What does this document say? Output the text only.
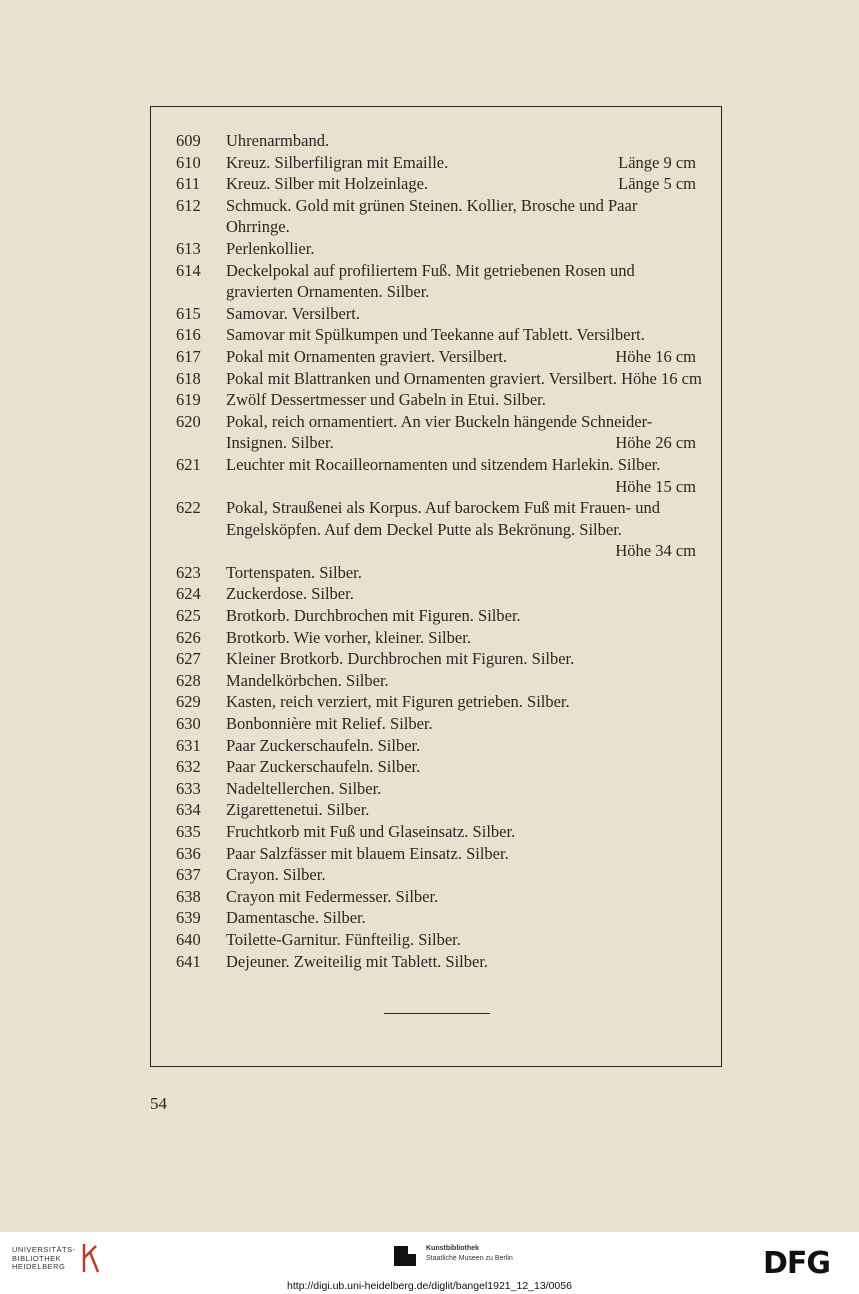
609	Uhrenarmband.
610	Kreuz. Silberfiligran mit Emaille.	Länge 9 cm
611	Kreuz. Silber mit Holzeinlage.	Länge 5 cm
612	Schmuck. Gold mit grünen Steinen. Kollier, Brosche und Paar
Ohrringe.
613	Perlenkollier.
614	Deckelpokal auf profiliertem Fuß. Mit getriebenen Rosen und
gravierten Ornamenten. Silber.
615	Samovar. Versilbert.
616	Samovar mit Spülkumpen und Teekanne auf Tablett. Versilbert.
617	Pokal mit Ornamenten graviert. Versilbert.	Höhe 16 cm
618	Pokal mit Blattranken und Ornamenten graviert. Versilbert. Höhe 16 cm
619	Zwölf Dessertmesser und Gabeln in Etui. Silber.
620	Pokal, reich ornamentiert. An vier Buckeln hängende Schneider-
Insignen. Silber.	Höhe 26 cm
621	Leuchter mit Rocailleornamenten und sitzendem Harlekin. Silber.
Höhe 15 cm
622	Pokal, Straußenei als Korpus. Auf barockem Fuß mit Frauen- und
Engelsköpfen. Auf dem Deckel Putte als Bekrönung. Silber.
Höhe 34 cm
623	Tortenspaten. Silber.
624	Zuckerdose. Silber.
625	Brotkorb. Durchbrochen mit Figuren. Silber.
626	Brotkorb. Wie vorher, kleiner. Silber.
627	Kleiner Brotkorb. Durchbrochen mit Figuren. Silber.
628	Mandelkörbchen. Silber.
629	Kasten, reich verziert, mit Figuren getrieben. Silber.
630	Bonbonnière mit Relief. Silber.
631	Paar Zuckerschaufeln. Silber.
632	Paar Zuckerschaufeln. Silber.
633	Nadeltellerchen. Silber.
634	Zigarettenetui. Silber.
635	Fruchtkorb mit Fuß und Glaseinsatz. Silber.
636	Paar Salzfässer mit blauem Einsatz. Silber.
637	Crayon. Silber.
638	Crayon mit Federmesser. Silber.
639	Damentasche. Silber.
640	Toilette-Garnitur. Fünfteilig. Silber.
641	Dejeuner. Zweiteilig mit Tablett. Silber.
54
UNIVERSITÄTS-
BIBLIOTHEK
HEIDELBERG
Kunstbibliothek
Staatliche Museen zu Berlin	DFG
http://digi.ub.uni-heidelberg.de/diglit/bangel1921_12_13/0056
